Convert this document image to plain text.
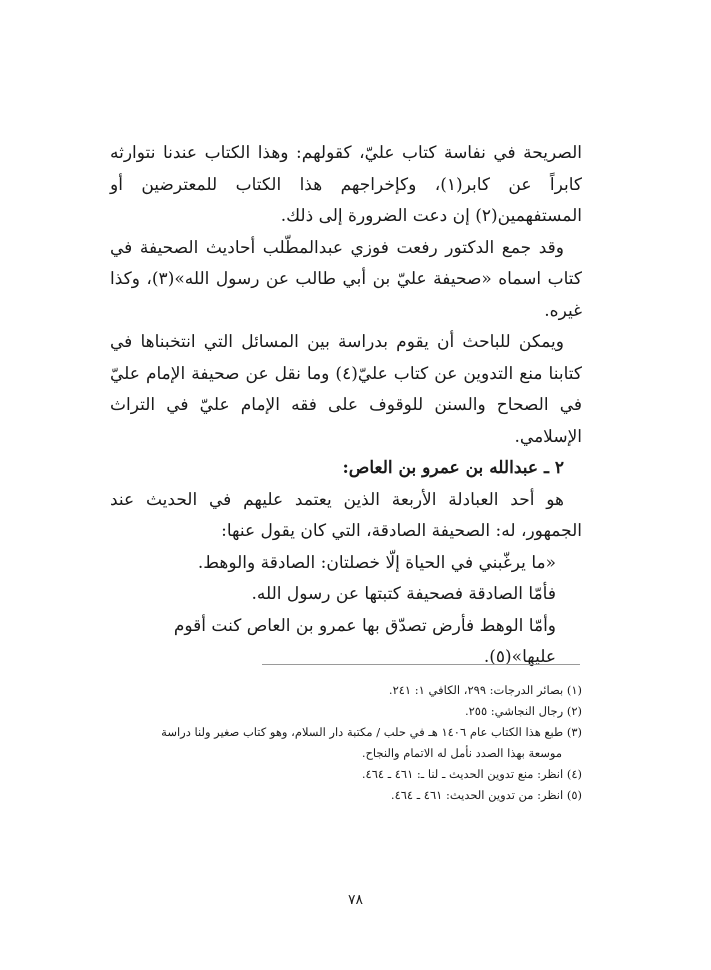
الصريحة في نفاسة كتاب عليّ، كقولهم: وهذا الكتاب عندنا نتوارثه كابراً عن كابر(١)، وكإخراجهم هذا الكتاب للمعترضين أو المستفهمين(٢) إن دعت الضرورة إلى ذلك.

وقد جمع الدكتور رفعت فوزي عبدالمطّلب أحاديث الصحيفة في كتاب اسماه «صحيفة عليّ بن أبي طالب عن رسول الله»(٣)، وكذا غيره.

ويمكن للباحث أن يقوم بدراسة بين المسائل التي انتخبناها في كتابنا منع التدوين عن كتاب عليّ(٤) وما نقل عن صحيفة الإمام عليّ في الصحاح والسنن للوقوف على فقه الإمام عليّ في التراث الإسلامي.

٢ ـ عبدالله بن عمرو بن العاص:

هو أحد العبادلة الأربعة الذين يعتمد عليهم في الحديث عند الجمهور، له: الصحيفة الصادقة، التي كان يقول عنها:

«ما يرغّبني في الحياة إلّا خصلتان: الصادقة والوهط.

فأمّا الصادقة فصحيفة كتبتها عن رسول الله.

وأمّا الوهط فأرض تصدّق بها عمرو بن العاص كنت أقوم عليها»(٥).

(١) بصائر الدرجات: ٢٩٩، الكافي ١: ٢٤١.

(٢) رجال النجاشي: ٢٥٥.

(٣) طبع هذا الكتاب عام ١٤٠٦ هـ في حلب / مكتبة دار السلام، وهو كتاب صغير ولنا دراسة

موسعة بهذا الصدد نأمل له الاتمام والنجاح.

(٤) انظر: منع تدوين الحديث ـ لنا ـ: ٤٦١ ـ ٤٦٤.

(٥) انظر: من تدوين الحديث: ٤٦١ ـ ٤٦٤.

٧٨
